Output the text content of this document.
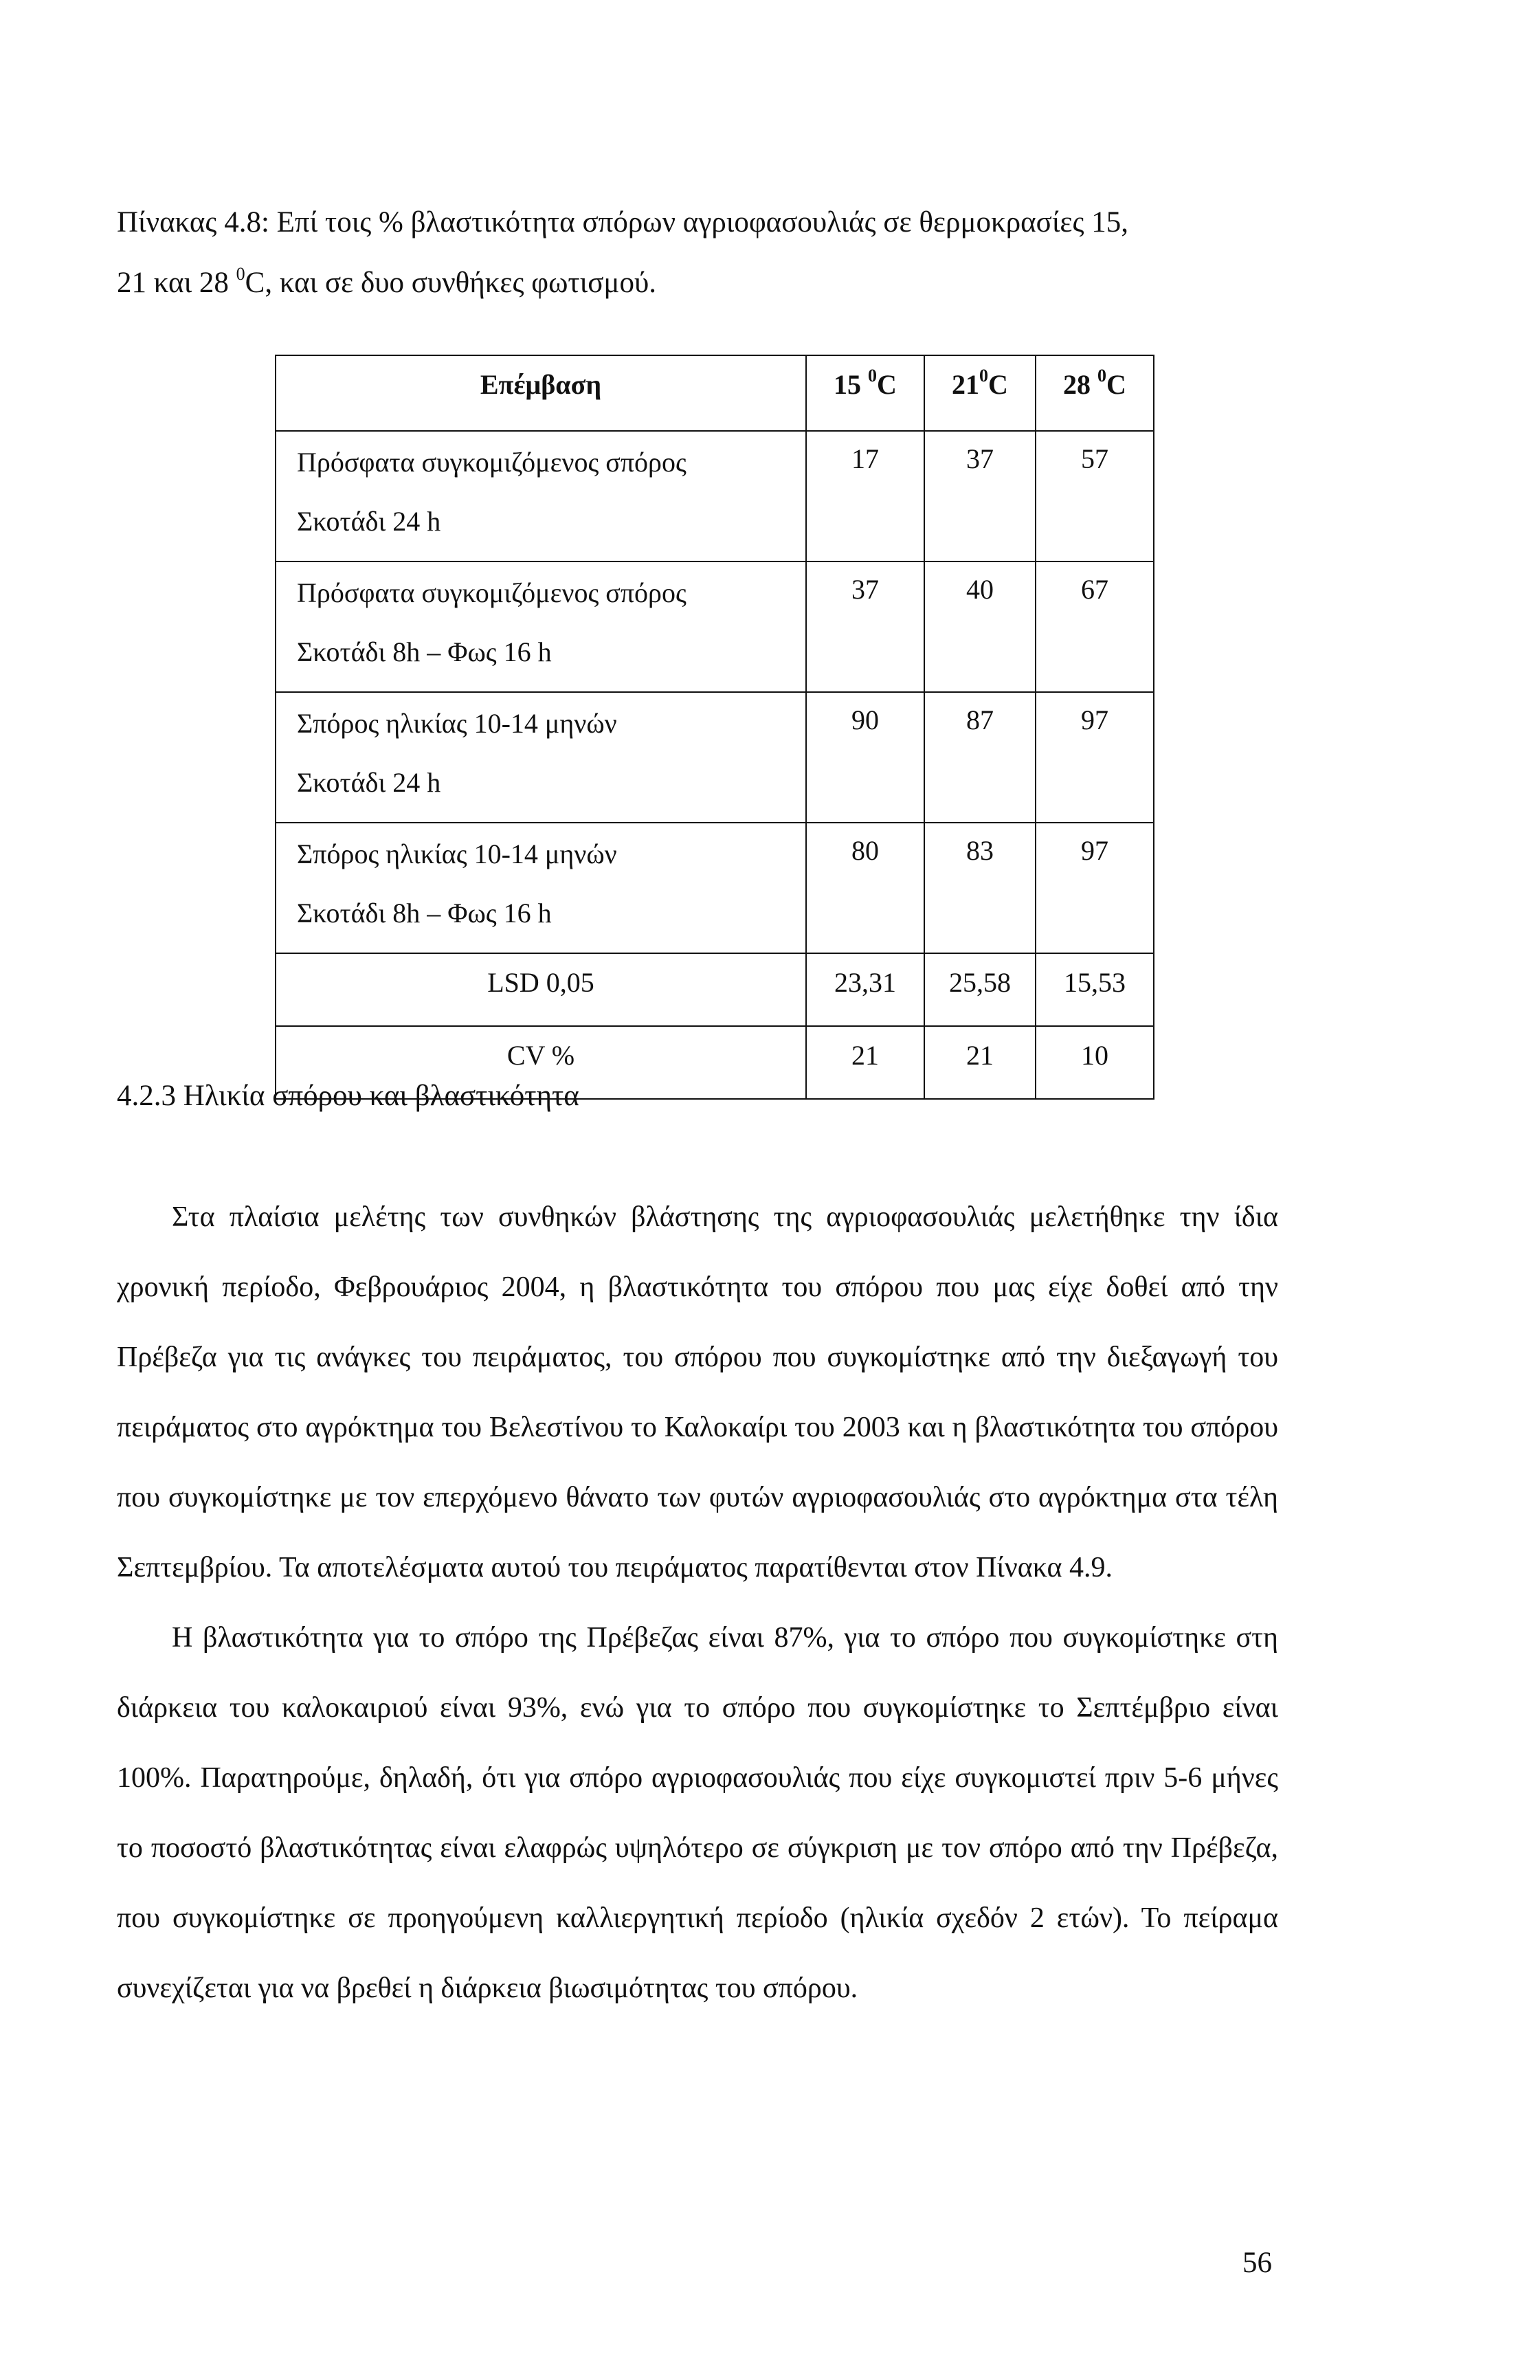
Πίνακας 4.8: Επί τοις % βλαστικότητα σπόρων αγριοφασουλιάς σε θερμοκρασίες 15,
21 και 28 $^0$C, και σε δυο συνθήκες φωτισμού.
Επέμβαση	15 $^0$C	$21^0C$	28 $^0$C

Πρόσφατα συγκομιζόμενος σπόρος
Σκοτάδι 24 h	17	37	57

Πρόσφατα συγκομιζόμενος σπόρος
Σκοτάδι 8h – Φως 16 h	37	40	67

Σπόρος ηλικίας 10-14 μηνών
Σκοτάδι 24 h	90	87	97

Σπόρος ηλικίας 10-14 μηνών
Σκοτάδι 8h – Φως 16 h	80	83	97
LSD 0,05	23,31	25,58	15,53
CV %	21	21	10
4.2.3 Ηλικία σπόρου και βλαστικότητα

Στα πλαίσια μελέτης των συνθηκών βλάστησης της αγριοφασουλιάς μελετήθηκε την ίδια χρονική περίοδο, Φεβρουάριος 2004, η βλαστικότητα του σπόρου που μας είχε δοθεί από την Πρέβεζα για τις ανάγκες του πειράματος, του σπόρου που συγκομίστηκε από την διεξαγωγή του πειράματος στο αγρόκτημα του Βελεστίνου το Καλοκαίρι του 2003 και η βλαστικότητα του σπόρου που συγκομίστηκε με τον επερχόμενο θάνατο των φυτών αγριοφασουλιάς στο αγρόκτημα στα τέλη Σεπτεμβρίου. Τα αποτελέσματα αυτού του πειράματος παρατίθενται στον Πίνακα 4.9.

Η βλαστικότητα για το σπόρο της Πρέβεζας είναι 87%, για το σπόρο που συγκομίστηκε στη διάρκεια του καλοκαιριού είναι 93%, ενώ για το σπόρο που συγκομίστηκε το Σεπτέμβριο είναι 100%. Παρατηρούμε, δηλαδή, ότι για σπόρο αγριοφασουλιάς που είχε συγκομιστεί πριν 5-6 μήνες το ποσοστό βλαστικότητας είναι ελαφρώς υψηλότερο σε σύγκριση με τον σπόρο από την Πρέβεζα, που συγκομίστηκε σε προηγούμενη καλλιεργητική περίοδο (ηλικία σχεδόν 2 ετών). Το πείραμα συνεχίζεται για να βρεθεί η διάρκεια βιωσιμότητας του σπόρου.

56
